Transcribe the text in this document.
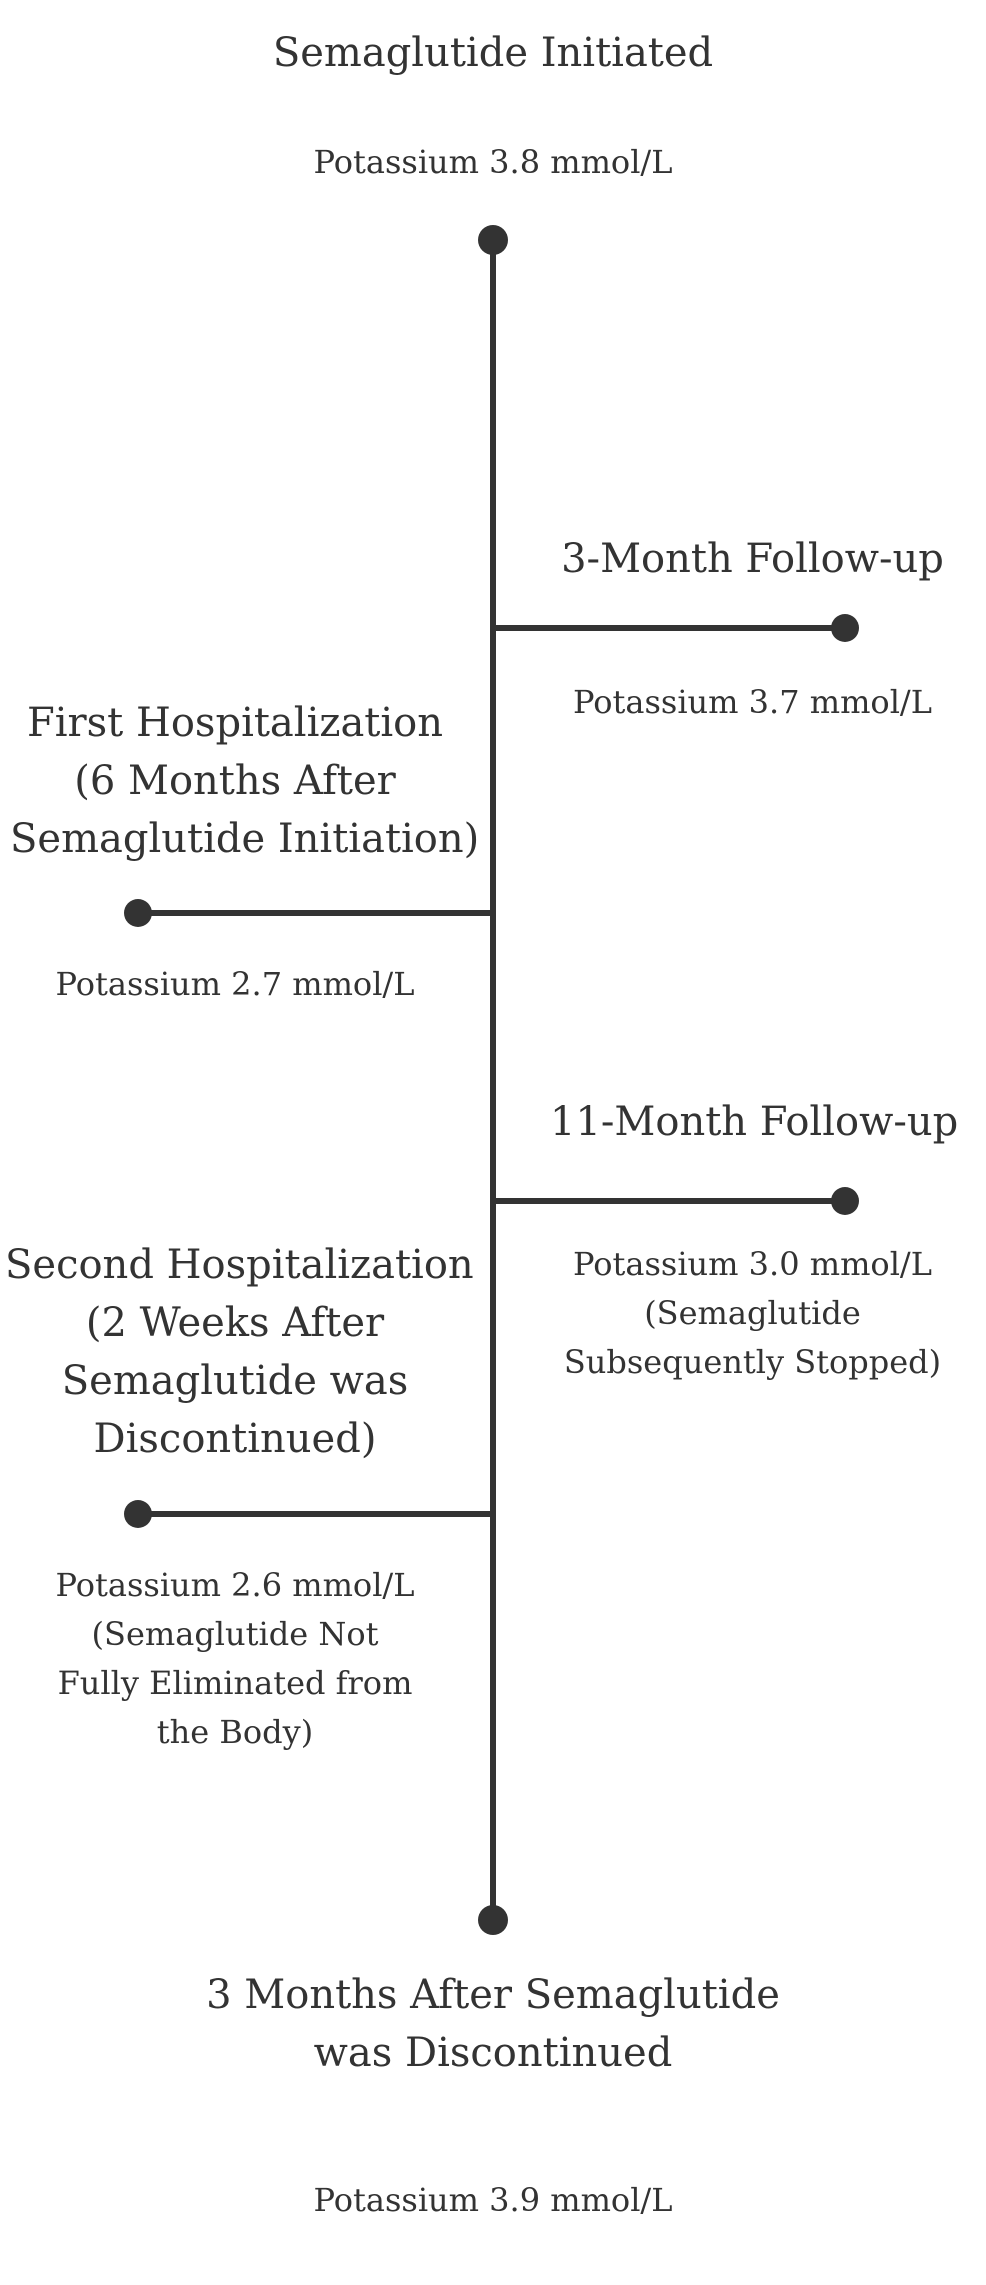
Semaglutide Initiated
Potassium 3.8 mmol/L
3-Month Follow-up
Potassium 3.7 mmol/L
First Hospitalization
(6 Months After
Semaglutide Initiation)
Potassium 2.7 mmol/L
11-Month Follow-up
Potassium 3.0 mmol/L
(Semaglutide
Subsequently Stopped)
Second Hospitalization
(2 Weeks After
Semaglutide was
Discontinued)
Potassium 2.6 mmol/L
(Semaglutide Not
Fully Eliminated from
the Body)
3 Months After Semaglutide
was Discontinued
Potassium 3.9 mmol/L
